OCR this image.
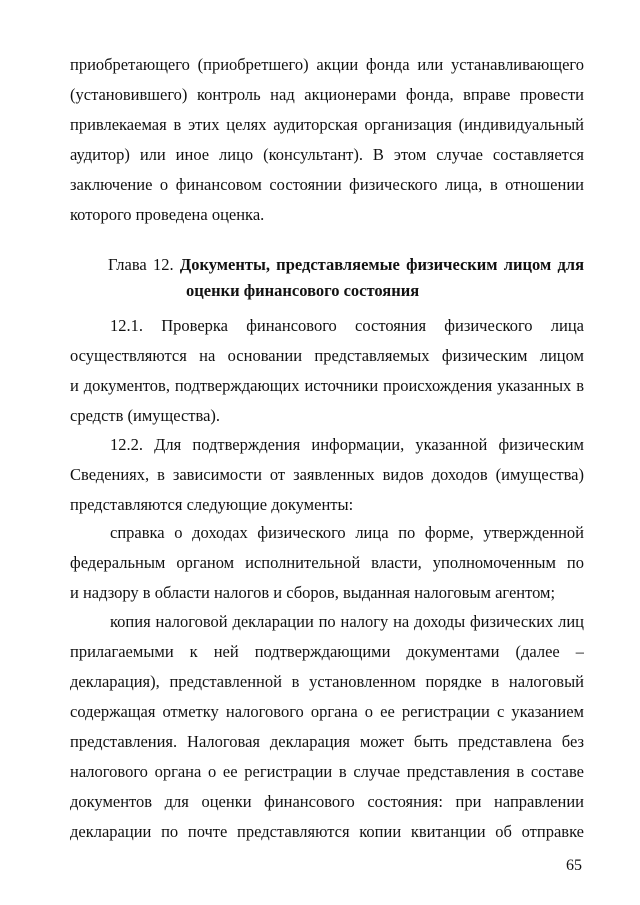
приобретающего (приобретшего) акции фонда или устанавливающего
(установившего) контроль над акционерами фонда, вправе провести
привлекаемая в этих целях аудиторская организация (индивидуальный
аудитор) или иное лицо (консультант). В этом случае составляется
заключение о финансовом состоянии физического лица, в отношении
которого проведена оценка.
Глава 12. Документы, представляемые физическим лицом для
оценки финансового состояния
12.1. Проверка финансового состояния физического лица
осуществляются на основании представляемых физическим лицом
и документов, подтверждающих источники происхождения указанных в
средств (имущества).
12.2. Для подтверждения информации, указанной физическим
Сведениях, в зависимости от заявленных видов доходов (имущества)
представляются следующие документы:
справка о доходах физического лица по форме, утвержденной
федеральным органом исполнительной власти, уполномоченным по
и надзору в области налогов и сборов, выданная налоговым агентом;
копия налоговой декларации по налогу на доходы физических лиц
прилагаемыми к ней подтверждающими документами (далее –
декларация), представленной в установленном порядке в налоговый
содержащая отметку налогового органа о ее регистрации с указанием
представления. Налоговая декларация может быть представлена без
налогового органа о ее регистрации в случае представления в составе
документов для оценки финансового состояния: при направлении
декларации по почте представляются копии квитанции об отправке
65
